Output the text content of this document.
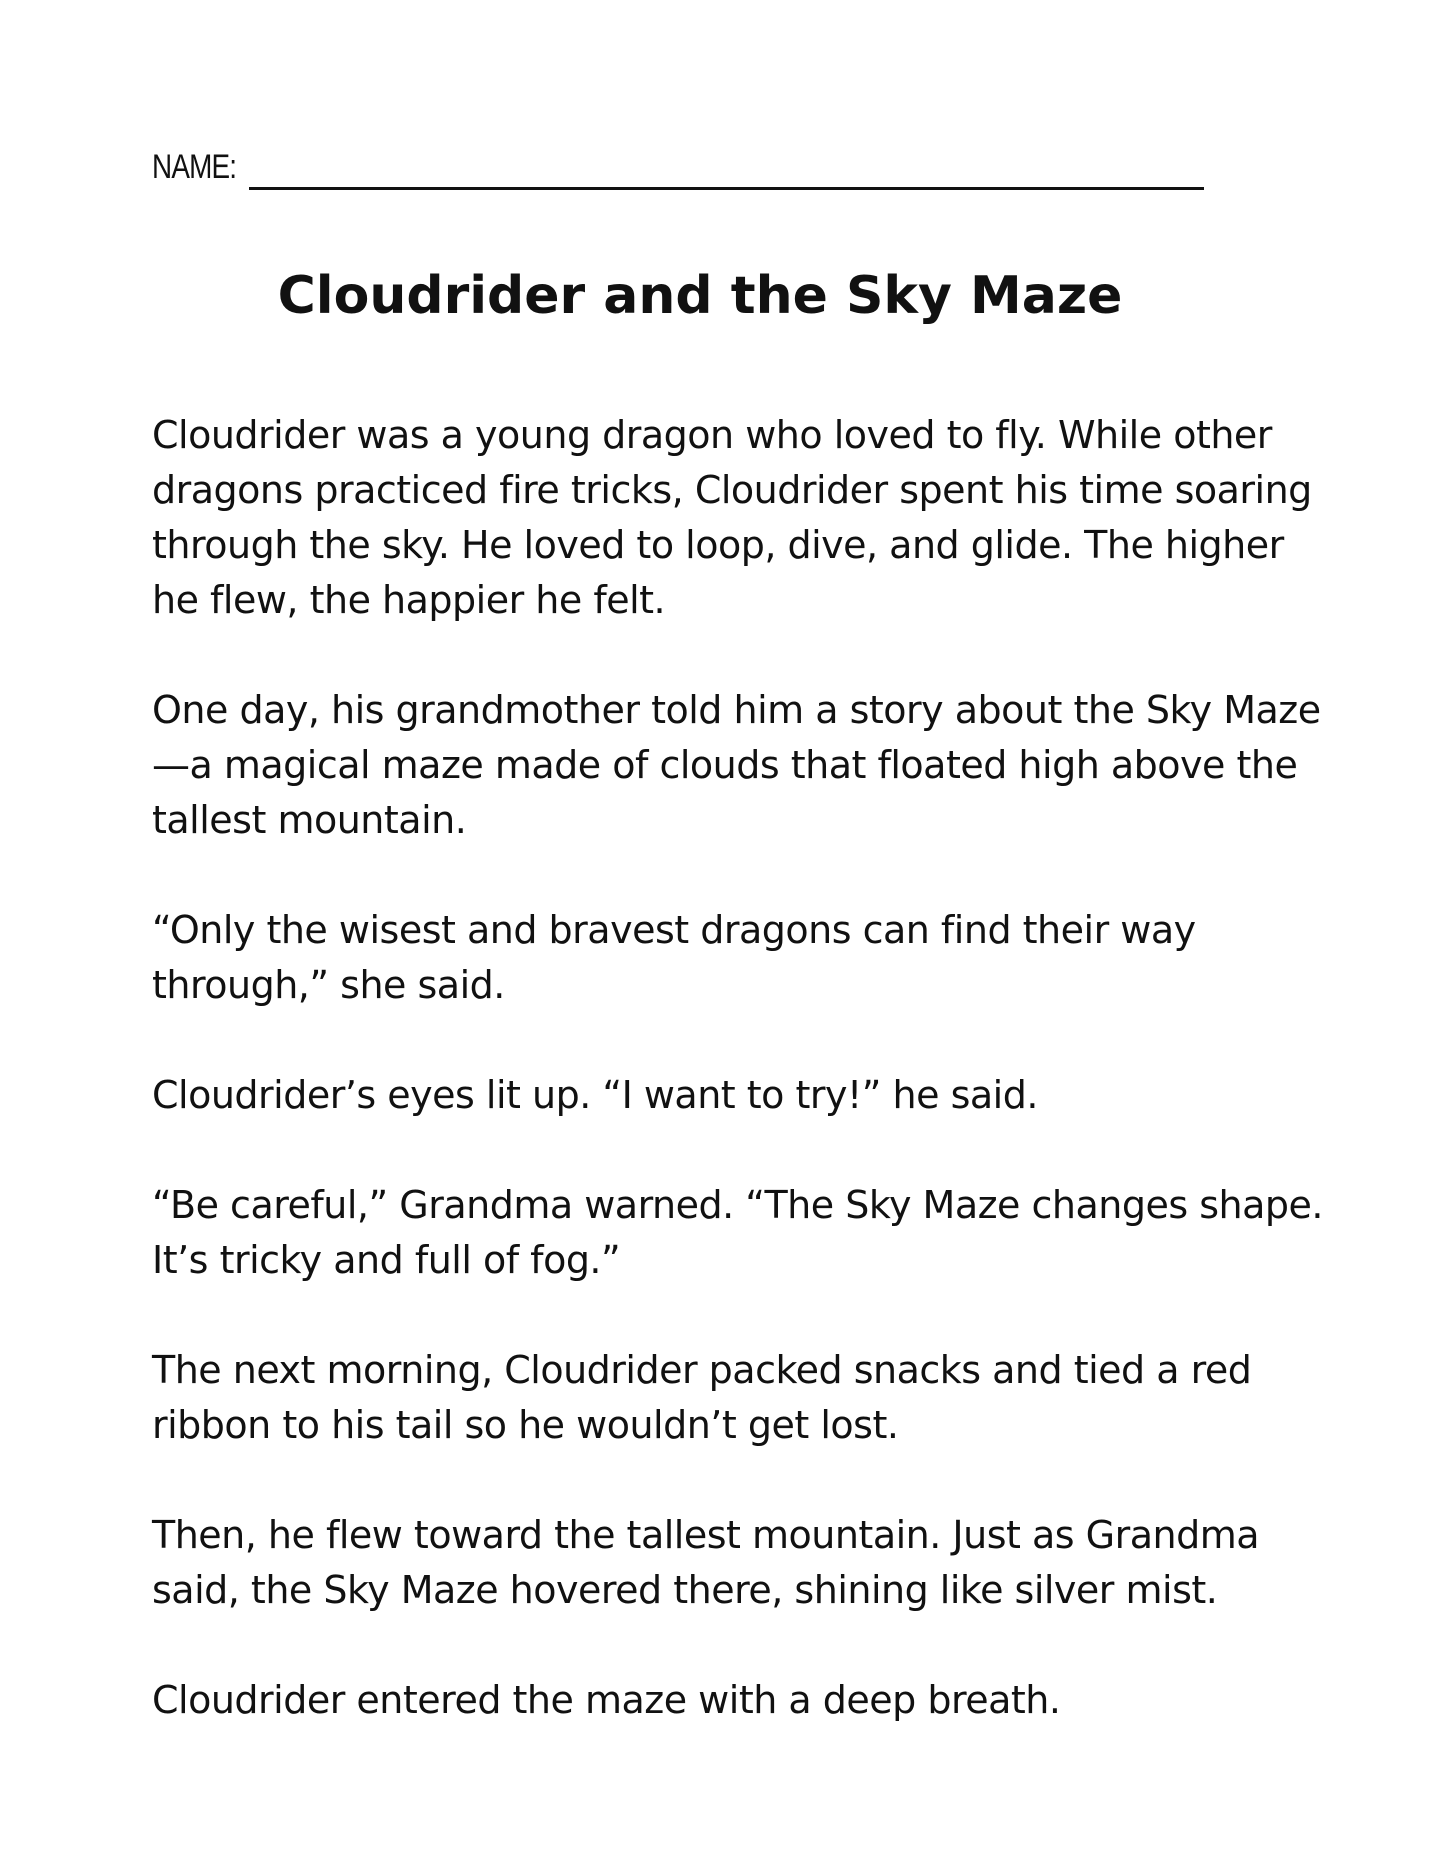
NAME:
Cloudrider and the Sky Maze

Cloudrider was a young dragon who loved to fly. While other dragons practiced fire tricks, Cloudrider spent his time soaring through the sky. He loved to loop, dive, and glide. The higher he flew, the happier he felt.

One day, his grandmother told him a story about the Sky Maze—a magical maze made of clouds that floated high above the tallest mountain.

“Only the wisest and bravest dragons can find their way through,” she said.

Cloudrider’s eyes lit up. “I want to try!” he said.

“Be careful,” Grandma warned. “The Sky Maze changes shape. It’s tricky and full of fog.”

The next morning, Cloudrider packed snacks and tied a red ribbon to his tail so he wouldn’t get lost.

Then, he flew toward the tallest mountain. Just as Grandma said, the Sky Maze hovered there, shining like silver mist.

Cloudrider entered the maze with a deep breath.
